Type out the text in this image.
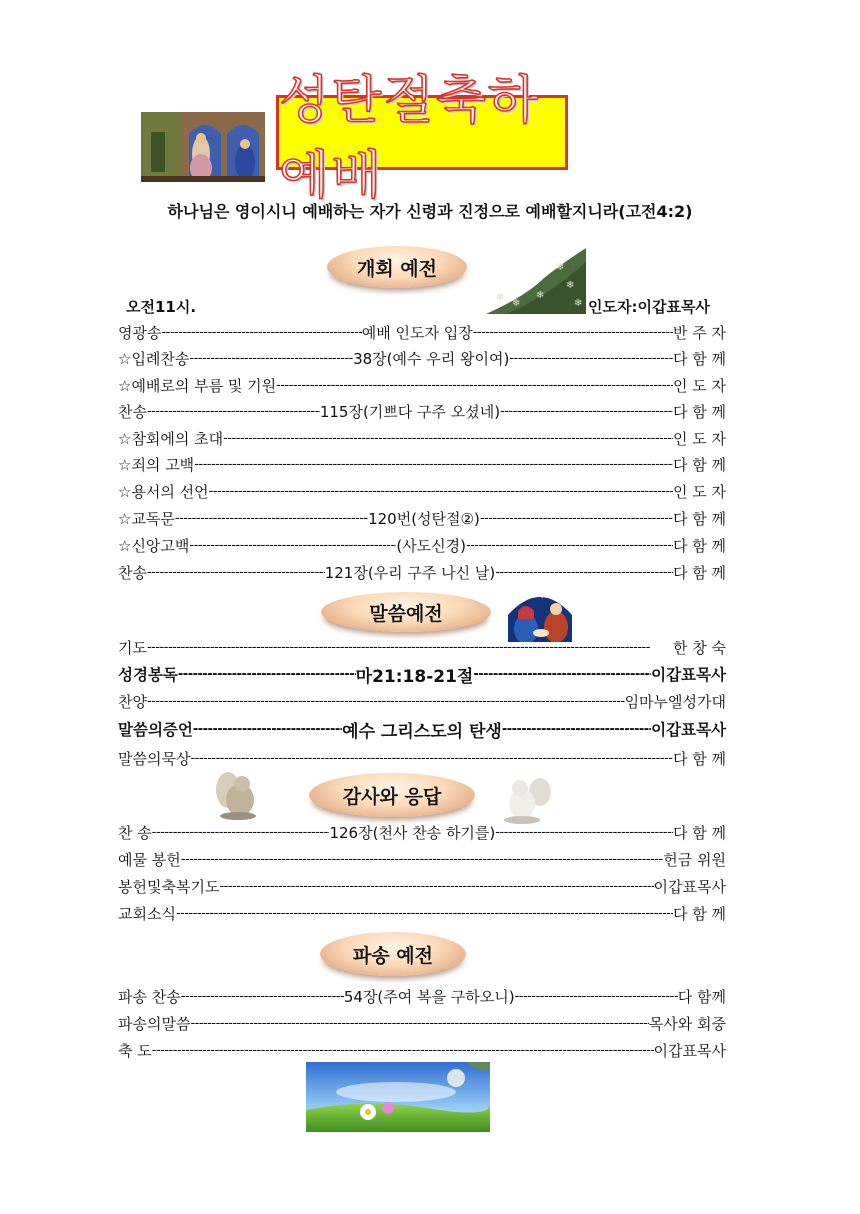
성탄절축하예배
하나님은 영이시니 예배하는 자가 신령과 진정으로 예배할지니라(고전4:2)
개회 예전	❄
❄
❄
❄
❄
❄
오전11시.	인도자:이갑표목사
영광송 -----	예배 인도자 입장 -----	반 주 자
☆입례찬송 -----	38장(예수 우리 왕이여) -----	다 함 께
☆예배로의 부름 및 기원 -----	인 도 자
찬송 -----	115장(기쁘다 구주 오셨네) -----	다 함 께
☆참회에의 초대 -----	인 도 자
☆죄의 고백 -----	다 함 께
☆용서의 선언 -----	인 도 자
☆교독문 -----	120번(성탄절②) -----	다 함 께
☆신앙고백 -----	(사도신경) -----	다 함 께
찬송 -----	121장(우리 구주 나신 날) -----	다 함 께
말씀예전
✦
기도 -----	한 창 숙
성경봉독 -----	마21:18-21절 -----	이갑표목사
찬양 -----	임마누엘성가대
말씀의증언 -----	예수 그리스도의 탄생 -----	이갑표목사
말씀의묵상 -----	다 함 께
감사와 응답
찬 송 -----	126장(천사 찬송 하기를) -----	다 함 께
예물 봉헌 -----	헌금 위원
봉헌및축복기도 -----	이갑표목사
교회소식 -----	다 함 께
파송 예전
파송 찬송 -----	54장(주여 복을 구하오니) -----	다 함께
파송의말씀 -----	목사와 회중
축 도 -----	이갑표목사
